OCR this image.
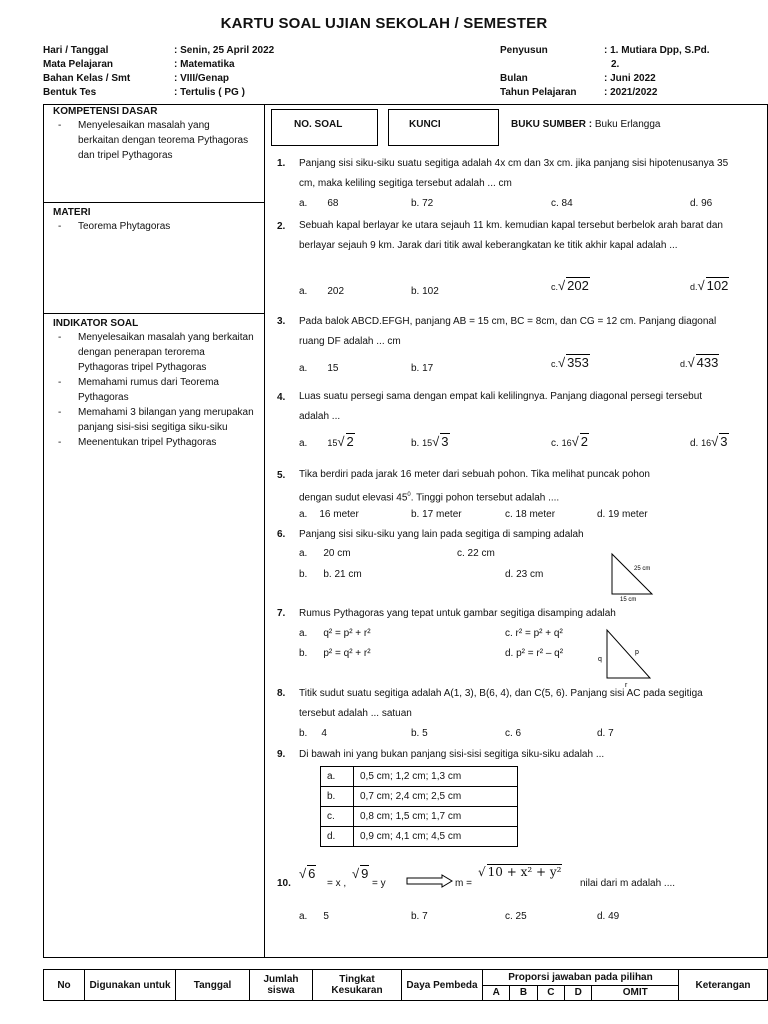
KARTU SOAL UJIAN SEKOLAH / SEMESTER
Hari / Tanggal	: Senin, 25 April 2022
Mata Pelajaran	: Matematika
Bahan Kelas / Smt	: VIII/Genap
Bentuk Tes	: Tertulis ( PG )
Penyusun	: 1. Mutiara Dpp, S.Pd.
2.
Bulan	: Juni 2022
Tahun Pelajaran	: 2021/2022
KOMPETENSI DASAR
- Menyelesaikan masalah yang berkaitan dengan teorema Pythagoras dan tripel Pythagoras
MATERI
- Teorema Phytagoras
INDIKATOR SOAL
- Menyelesaikan masalah yang berkaitan dengan penerapan terorema Pythagoras tripel Pythagoras
- Memahami rumus dari Teorema Pythagoras
- Memahami 3 bilangan yang merupakan panjang sisi-sisi segitiga siku-siku
- Meenentukan tripel Pythagoras
NO. SOAL	KUNCI	BUKU SUMBER : Buku Erlangga
1. Panjang sisi siku-siku suatu segitiga adalah 4x cm dan 3x cm. jika panjang sisi hipotenusanya 35 cm, maka keliling segitiga tersebut adalah ... cm
a. 68	b. 72	c. 84	d. 96
2. Sebuah kapal berlayar ke utara sejauh 11 km. kemudian kapal tersebut berbelok arah barat dan berlayar sejauh 9 km. Jarak dari titik awal keberangkatan ke titik akhir kapal adalah ...
a. 202	b. 102	c.√ 202	d.√ 102
3. Pada balok ABCD.EFGH, panjang AB = 15 cm, BC = 8cm, dan CG = 12 cm. Panjang diagonal ruang DF adalah ... cm
a. 15	b. 17	c.√ 353	d.√ 433
4. Luas suatu persegi sama dengan empat kali kelilingnya. Panjang diagonal persegi tersebut adalah ...
a. 15√ 2	b. 15√ 3	c. 16√ 2	d. 16√ 3
5. Tika berdiri pada jarak 16 meter dari sebuah pohon. Tika melihat puncak pohon
dengan sudut elevasi $45^0$. Tinggi pohon tersebut adalah ....
a. 16 meter	b. 17 meter	c. 18 meter	d. 19 meter
6. Panjang sisi siku-siku yang lain pada segitiga di samping adalah
a. 20 cm	c. 22 cm
b. b. 21 cm	d. 23 cm	25 cm
15 cm
7. Rumus Pythagoras yang tepat untuk gambar segitiga disamping adalah
a. q² = p² + r²	c. r² = p² + q²
b. p² = q² + r²	d. p² = r² – q²	p
q
r
8. Titik sudut suatu segitiga adalah A(1, 3), B(6, 4), dan C(5, 6). Panjang sisi AC pada segitiga tersebut adalah ... satuan
b. 4	b. 5	c. 6	d. 7
9. Di bawah ini yang bukan panjang sisi-sisi segitiga siku-siku adalah ...
a.	0,5 cm; 1,2 cm; 1,3 cm
b.	0,7 cm; 2,4 cm; 2,5 cm
c.	0,8 cm; 1,5 cm; 1,7 cm
d.	0,9 cm; 4,1 cm; 4,5 cm
10.
√ 6
= x ,
√ 9
= y	m =
√ 10 + x² + y²
nilai dari m adalah ....
a. 5	b. 7	c. 25	d. 49
No	Digunakan untuk	Tanggal	Jumlah siswa	Tingkat Kesukaran	Daya Pembeda	Proporsi jawaban pada pilihan					Keterangan
						A	B	C	D	OMIT	
